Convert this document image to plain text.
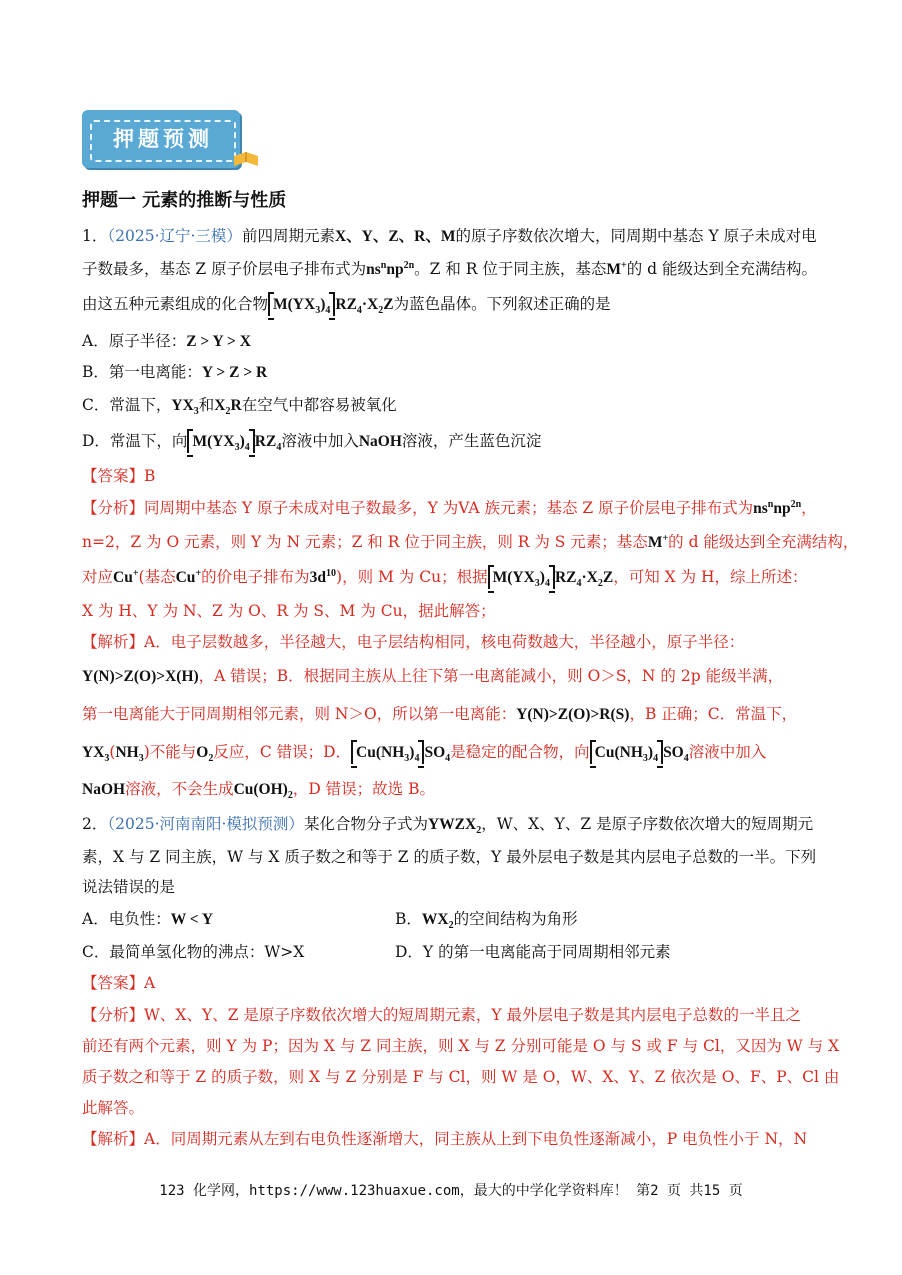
押题预测
押题一 元素的推断与性质
1．（2025·辽宁·三模）前四周期元素X、Y、Z、R、M的原子序数依次增大，同周期中基态 Y 原子未成对电
子数最多，基态 Z 原子价层电子排布式为$ns^nnp^{2n}$。Z 和 R 位于同主族，基态M+的 d 能级达到全充满结构。
由这五种元素组成的化合物 $M(YX_3)_4$ $RZ_4\cdot X_2Z$为蓝色晶体。下列叙述正确的是
A．原子半径：Z > Y > X
B．第一电离能：Y > Z > R
C．常温下，$YX_3$和$X_2R$在空气中都容易被氧化
D．常温下，向 $M(YX_3)_4$ $RZ_4$溶液中加入NaOH溶液，产生蓝色沉淀
【答案】B
【分析】同周期中基态 Y 原子未成对电子数最多，Y 为VA 族元素；基态 Z 原子价层电子排布式为$ns^nnp^{2n}$，
n=2，Z 为 O 元素，则 Y 为 N 元素；Z 和 R 位于同主族，则 R 为 S 元素；基态M+的 d 能级达到全充满结构，
对应Cu+(基态Cu+的价电子排布为$3d^{10}$)，则 M 为 Cu；根据 $M(YX_3)_4$ $RZ_4\cdot X_2Z$，可知 X 为 H，综上所述：
X 为 H、Y 为 N、Z 为 O、R 为 S、M 为 Cu，据此解答；
【解析】A．电子层数越多，半径越大，电子层结构相同，核电荷数越大，半径越小，原子半径：
Y(N)>Z(O)>X(H)，A 错误；B．根据同主族从上往下第一电离能减小，则 O＞S，N 的 2p 能级半满，
第一电离能大于同周期相邻元素，则 N＞O，所以第一电离能：Y(N)>Z(O)>R(S)，B 正确；C．常温下，
$YX_3(NH_3)$不能与$O_2$反应，C 错误；D． $Cu(NH_3)_4$ $SO_4$是稳定的配合物，向 $Cu(NH_3)_4$ $SO_4$溶液中加入
NaOH溶液，不会生成$Cu(OH)_2$，D 错误；故选 B。
2．（2025·河南南阳·模拟预测）某化合物分子式为$YWZX_2$，W、X、Y、Z 是原子序数依次增大的短周期元
素，X 与 Z 同主族，W 与 X 质子数之和等于 Z 的质子数，Y 最外层电子数是其内层电子总数的一半。下列
说法错误的是
A．电负性：W < Y	B．$WX_2$的空间结构为角形
C．最简单氢化物的沸点：W>X	D．Y 的第一电离能高于同周期相邻元素
【答案】A
【分析】W、X、Y、Z 是原子序数依次增大的短周期元素，Y 最外层电子数是其内层电子总数的一半且之
前还有两个元素，则 Y 为 P；因为 X 与 Z 同主族，则 X 与 Z 分别可能是 O 与 S 或 F 与 Cl，又因为 W 与 X
质子数之和等于 Z 的质子数，则 X 与 Z 分别是 F 与 Cl，则 W 是 O，W、X、Y、Z 依次是 O、F、P、Cl 由
此解答。
【解析】A．同周期元素从左到右电负性逐渐增大，同主族从上到下电负性逐渐减小，P 电负性小于 N，N
123 化学网，https://www.123huaxue.com，最大的中学化学资料库！ 第2 页 共15 页
